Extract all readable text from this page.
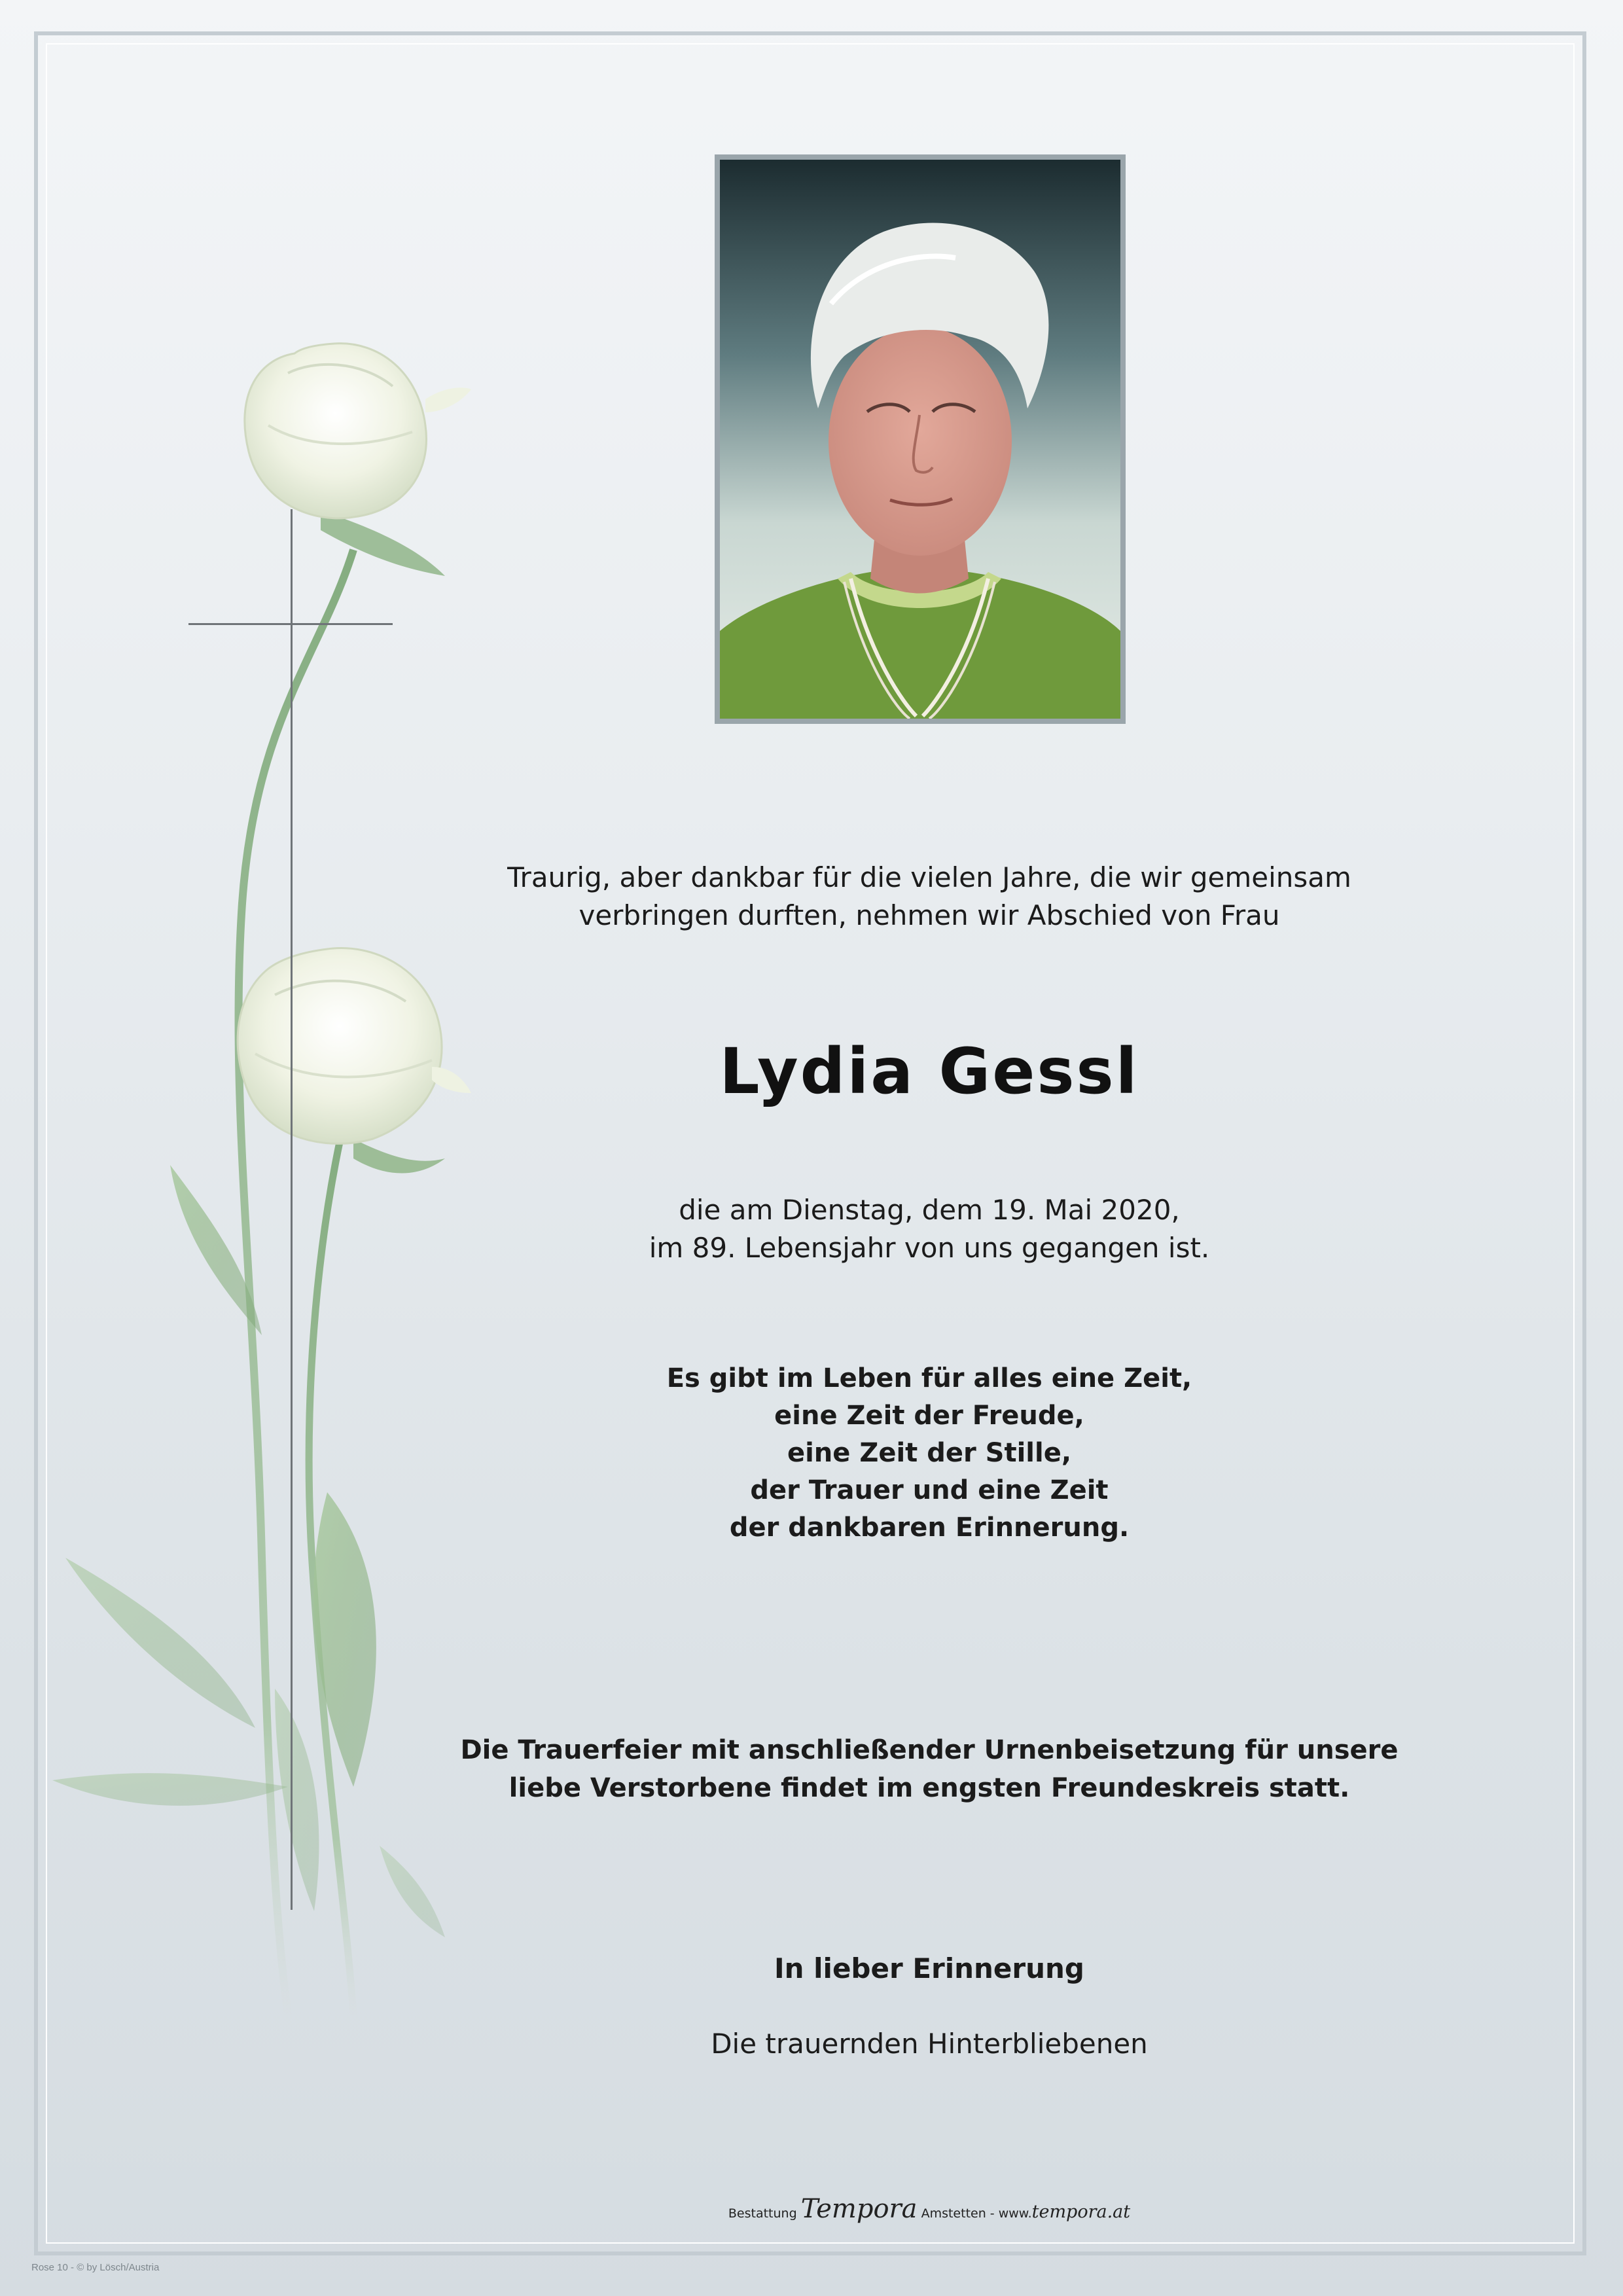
Traurig, aber dankbar für die vielen Jahre, die wir gemeinsam
verbringen durften, nehmen wir Abschied von Frau
Lydia Gessl
die am Dienstag, dem 19. Mai 2020,
im 89. Lebensjahr von uns gegangen ist.
Es gibt im Leben für alles eine Zeit,
eine Zeit der Freude,
eine Zeit der Stille,
der Trauer und eine Zeit
der dankbaren Erinnerung.
Die Trauerfeier mit anschließender Urnenbeisetzung für unsere
liebe Verstorbene findet im engsten Freundeskreis statt.
In lieber Erinnerung
Die trauernden Hinterbliebenen
Bestattung Tempora Amstetten - www.tempora.at
Rose 10 - © by Lösch/Austria
